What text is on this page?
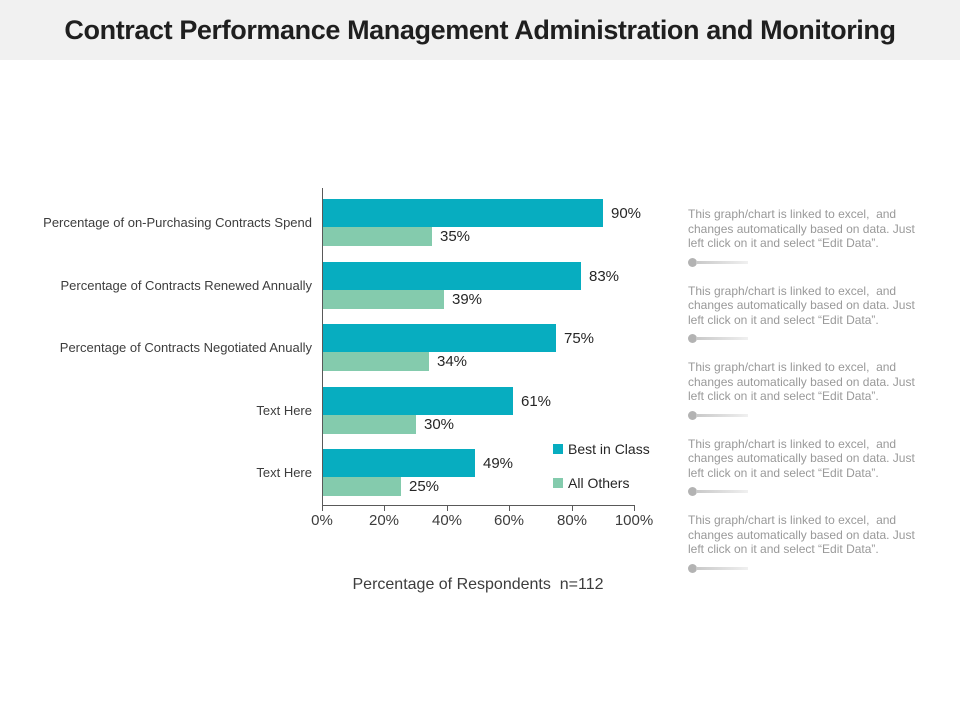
Contract Performance Management Administration and Monitoring
Percentage of on-Purchasing Contracts Spend
90%
35%
Percentage of Contracts Renewed Annually
83%
39%
Percentage of Contracts Negotiated Anually
75%
34%
Text Here
61%
30%
Text Here
49%
25%
0%	20%	40%	60%	80%	100%
Percentage of Respondents  n=112
Best in Class
All Others
This graph/chart is linked to excel,  and
changes automatically based on data. Just
left click on it and select “Edit Data”.
This graph/chart is linked to excel,  and
changes automatically based on data. Just
left click on it and select “Edit Data”.
This graph/chart is linked to excel,  and
changes automatically based on data. Just
left click on it and select “Edit Data”.
This graph/chart is linked to excel,  and
changes automatically based on data. Just
left click on it and select “Edit Data”.
This graph/chart is linked to excel,  and
changes automatically based on data. Just
left click on it and select “Edit Data”.
